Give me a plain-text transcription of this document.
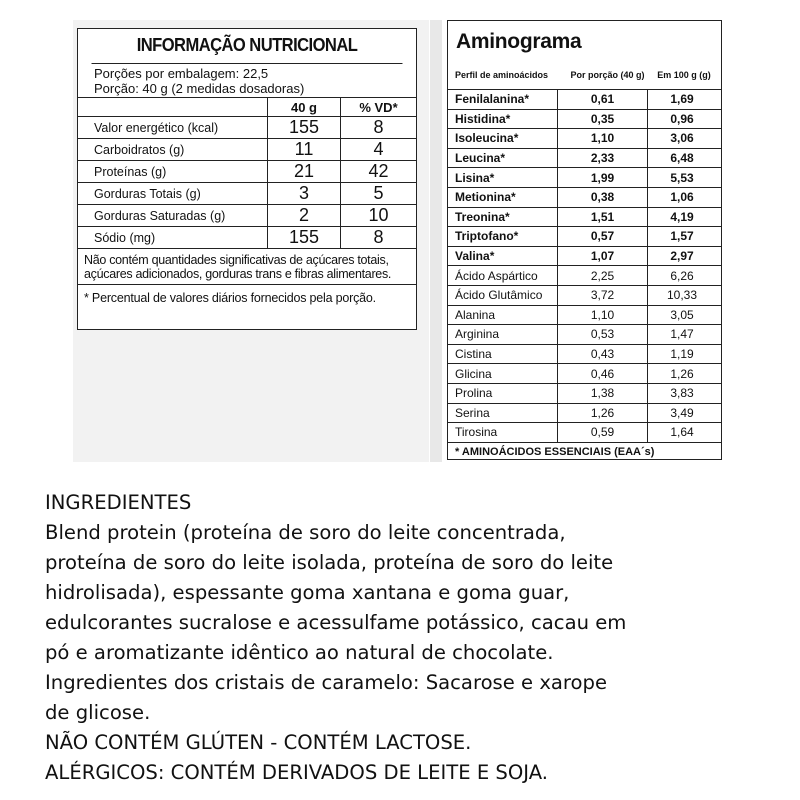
INFORMAÇÃO NUTRICIONAL
Porções por embalagem: 22,5
Porção: 40 g (2 medidas dosadoras)
	40 g	% VD*
Valor energético (kcal)	155	8
Carboidratos (g)	11	4
Proteínas (g)	21	42
Gorduras Totais (g)	3	5
Gorduras Saturadas (g)	2	10
Sódio (mg)	155	8
Não contém quantidades significativas de açúcares totais, açúcares adicionados, gorduras trans e fibras alimentares.
* Percentual de valores diários fornecidos pela porção.
Aminograma
Perfil de aminoácidos	Por porção (40 g)	Em 100 g (g)
Fenilalanina*	0,61	1,69
Histidina*	0,35	0,96
Isoleucina*	1,10	3,06
Leucina*	2,33	6,48
Lisina*	1,99	5,53
Metionina*	0,38	1,06
Treonina*	1,51	4,19
Triptofano*	0,57	1,57
Valina*	1,07	2,97
Ácido Aspártico	2,25	6,26
Ácido Glutâmico	3,72	10,33
Alanina	1,10	3,05
Arginina	0,53	1,47
Cistina	0,43	1,19
Glicina	0,46	1,26
Prolina	1,38	3,83
Serina	1,26	3,49
Tirosina	0,59	1,64
* AMINOÁCIDOS ESSENCIAIS (EAA´s)
INGREDIENTES
Blend protein (proteína de soro do leite concentrada,
proteína de soro do leite isolada, proteína de soro do leite
hidrolisada), espessante goma xantana e goma guar,
edulcorantes sucralose e acessulfame potássico, cacau em
pó e aromatizante idêntico ao natural de chocolate.
Ingredientes dos cristais de caramelo: Sacarose e xarope
de glicose.
NÃO CONTÉM GLÚTEN - CONTÉM LACTOSE.
ALÉRGICOS: CONTÉM DERIVADOS DE LEITE E SOJA.
